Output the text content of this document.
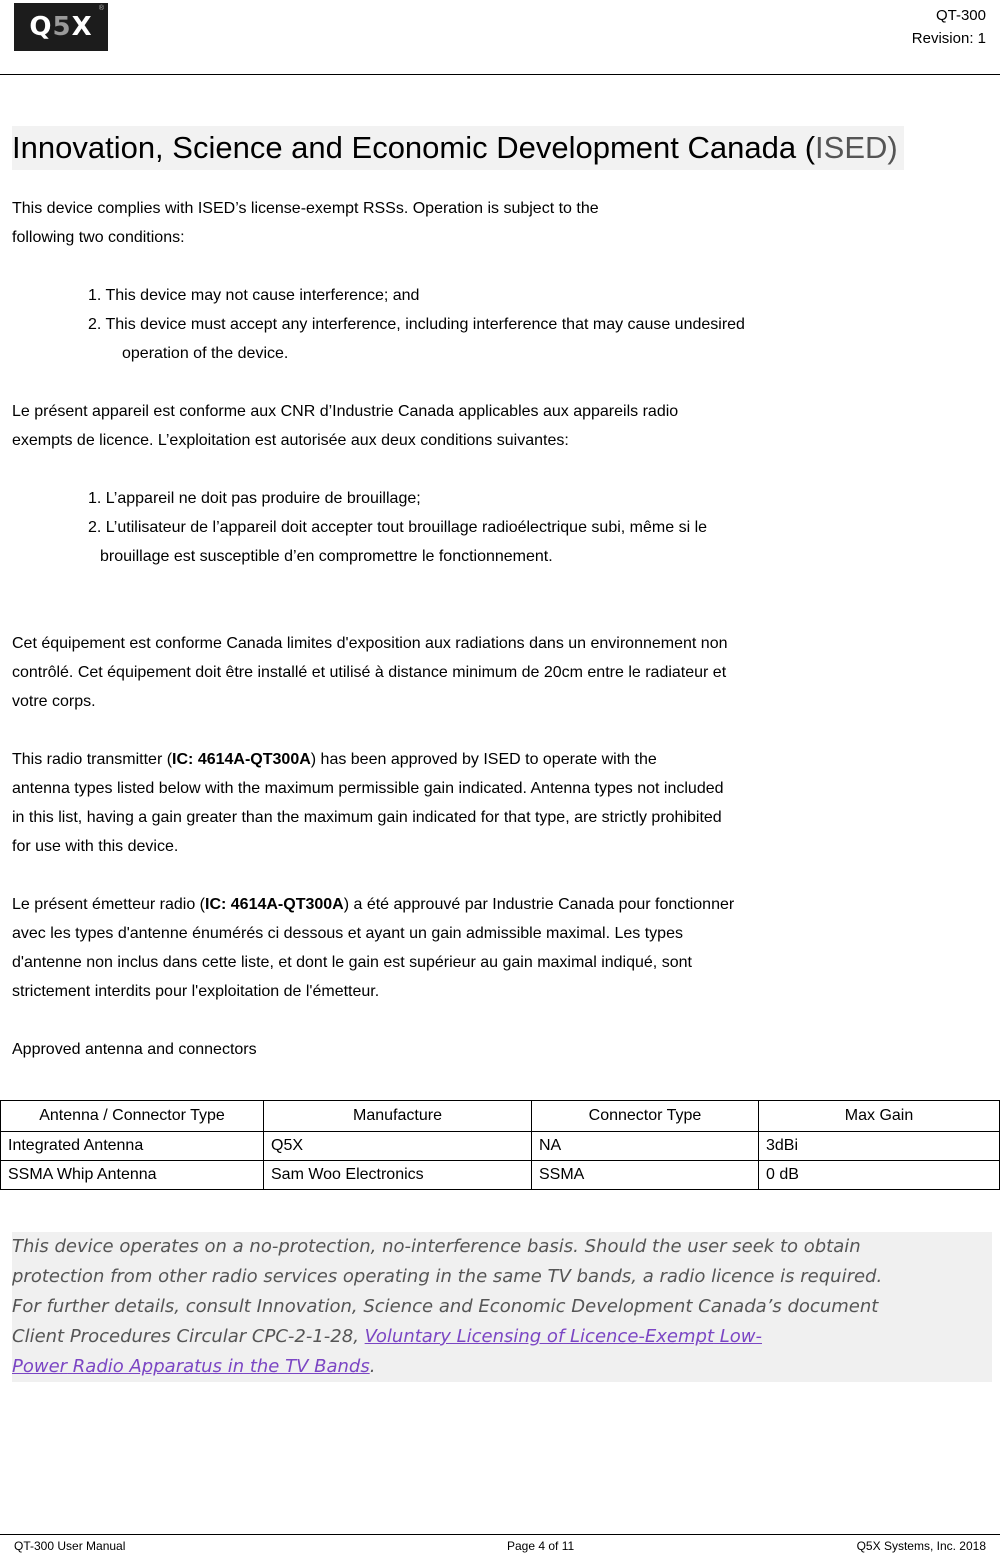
Q5X
®	QT-300
Revision: 1
Innovation, Science and Economic Development Canada (ISED)

This device complies with ISED’s license-exempt RSSs. Operation is subject to the

following two conditions:

1. This device may not cause interference; and
2. This device must accept any interference, including interference that may cause undesired
operation of the device.

Le présent appareil est conforme aux CNR d’Industrie Canada applicables aux appareils radio

exempts de licence. L’exploitation est autorisée aux deux conditions suivantes:

1. L’appareil ne doit pas produire de brouillage;
2. L’utilisateur de l’appareil doit accepter tout brouillage radioélectrique subi, même si le
brouillage est susceptible d’en compromettre le fonctionnement.

Cet équipement est conforme Canada limites d'exposition aux radiations dans un environnement non

contrôlé. Cet équipement doit être installé et utilisé à distance minimum de 20cm entre le radiateur et

votre corps.

This radio transmitter (IC: 4614A-QT300A) has been approved by ISED to operate with the

antenna types listed below with the maximum permissible gain indicated. Antenna types not included

in this list, having a gain greater than the maximum gain indicated for that type, are strictly prohibited

for use with this device.

Le présent émetteur radio (IC: 4614A-QT300A) a été approuvé par Industrie Canada pour fonctionner

avec les types d'antenne énumérés ci dessous et ayant un gain admissible maximal. Les types

d'antenne non inclus dans cette liste, et dont le gain est supérieur au gain maximal indiqué, sont

strictement interdits pour l'exploitation de l'émetteur.

Approved antenna and connectors

Antenna / Connector Type	Manufacture	Connector Type	Max Gain
Integrated Antenna	Q5X	NA	3dBi
SSMA Whip Antenna	Sam Woo Electronics	SSMA	0 dB
This device operates on a no-protection, no-interference basis. Should the user seek to obtain
protection from other radio services operating in the same TV bands, a radio licence is required.
For further details, consult Innovation, Science and Economic Development Canada’s document
Client Procedures Circular CPC-2-1-28, Voluntary Licensing of Licence-Exempt Low-
Power Radio Apparatus in the TV Bands.
QT-300 User Manual	Page 4 of 11	Q5X Systems, Inc. 2018
